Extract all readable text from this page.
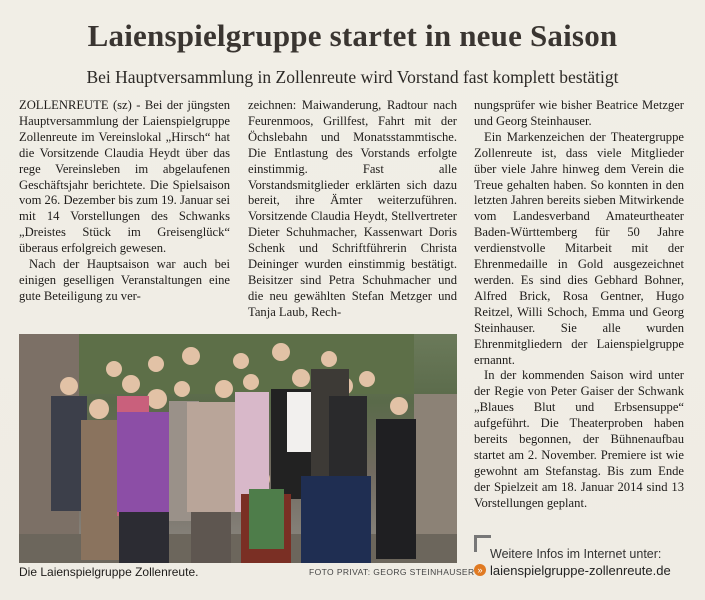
Laienspielgruppe startet in neue Saison
Bei Hauptversammlung in Zollenreute wird Vorstand fast komplett bestätigt

ZOLLENREUTE (sz) - Bei der jüngsten Hauptversammlung der Laienspielgruppe Zollenreute im Vereinslokal „Hirsch“ hat die Vorsitzende Claudia Heydt über das rege Vereinsleben im abgelaufenen Geschäftsjahr berichtete. Die Spielsaison vom 26. Dezember bis zum 19. Januar sei mit 14 Vorstellungen des Schwanks „Dreistes Stück im Greisenglück“ überaus erfolgreich gewesen.

Nach der Hauptsaison war auch bei einigen geselligen Veranstaltungen eine gute Beteiligung zu ver-

zeichnen: Maiwanderung, Radtour nach Feurenmoos, Grillfest, Fahrt mit der Öchslebahn und Monatsstammtische. Die Entlastung des Vorstands erfolgte einstimmig. Fast alle Vorstandsmitglieder erklärten sich dazu bereit, ihre Ämter weiterzuführen. Vorsitzende Claudia Heydt, Stellvertreter Dieter Schuhmacher, Kassenwart Doris Schenk und Schriftführerin Christa Deininger wurden einstimmig bestätigt. Beisitzer sind Petra Schuhmacher und die neu gewählten Stefan Metzger und Tanja Laub, Rech-

nungsprüfer wie bisher Beatrice Metzger und Georg Steinhauser.

Ein Markenzeichen der Theatergruppe Zollenreute ist, dass viele Mitglieder über viele Jahre hinweg dem Verein die Treue gehalten haben. So konnten in den letzten Jahren bereits sieben Mitwirkende vom Landesverband Amateurtheater Baden-Württemberg für 50 Jahre verdienstvolle Mitarbeit mit der Ehrenmedaille in Gold ausgezeichnet werden. Es sind dies Gebhard Bohner, Alfred Brick, Rosa Gentner, Hugo Reitzel, Willi Schoch, Emma und Georg Steinhauser. Sie alle wurden Ehrenmitgliedern der Laienspielgruppe ernannt.

In der kommenden Saison wird unter der Regie von Peter Gaiser der Schwank „Blaues Blut und Erbsensuppe“ aufgeführt. Die Theaterproben haben bereits begonnen, der Bühnenaufbau startet am 2. November. Premiere ist wie gewohnt am Stefanstag. Bis zum Ende der Spielzeit am 18. Januar 2014 sind 13 Vorstellungen geplant.

Die Laienspielgruppe Zollenreute.	FOTO PRIVAT: GEORG STEINHAUSER
Weitere Infos im Internet unter:
» laienspielgruppe-zollenreute.de
